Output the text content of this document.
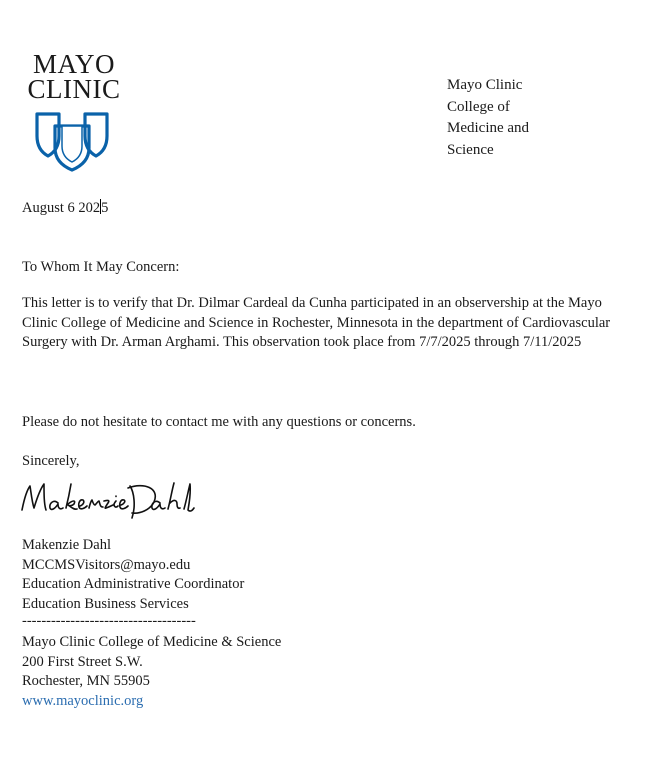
MAYO
CLINIC	Mayo Clinic
College of
Medicine and
Science
August 6 2025
To Whom It May Concern:
This letter is to verify that Dr. Dilmar Cardeal da Cunha participated in an observership at the Mayo Clinic College of Medicine and Science in Rochester, Minnesota in the department of Cardiovascular Surgery with Dr. Arman Arghami. This observation took place from 7/7/2025 through 7/11/2025
Please do not hesitate to contact me with any questions or concerns.
Sincerely,
Makenzie Dahl
MCCMSVisitors@mayo.edu
Education Administrative Coordinator
Education Business Services
------------------------------------
Mayo Clinic College of Medicine & Science
200 First Street S.W.
Rochester, MN 55905
www.mayoclinic.org
